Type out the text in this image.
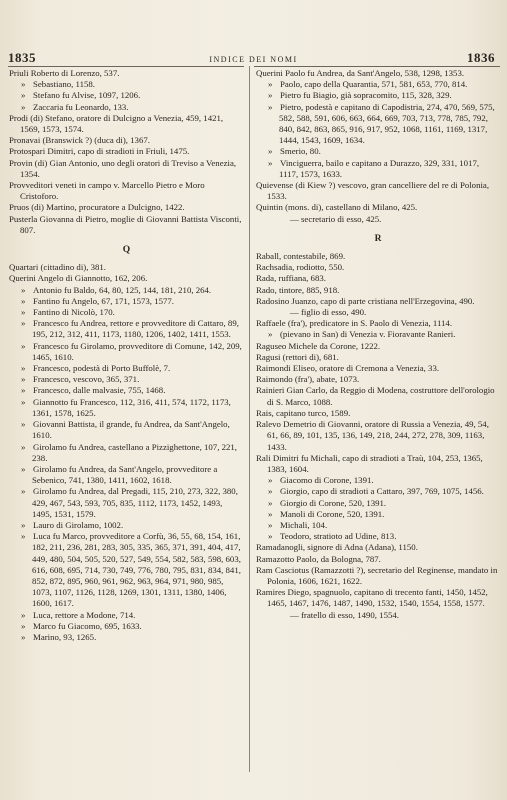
1835	INDICE DEI NOMI	1836
Priuli Roberto di Lorenzo, 537.
» Sebastiano, 1158.
» Stefano fu Alvise, 1097, 1206.
» Zaccaria fu Leonardo, 133.
Prodi (di) Stefano, oratore di Dulcigno a Venezia, 459, 1421, 1569, 1573, 1574.
Pronavai (Branswick ?) (duca di), 1367.
Protospari Dimitri, capo di stradioti in Friuli, 1475.
Provin (di) Gian Antonio, uno degli oratori di Treviso a Venezia, 1354.
Provveditori veneti in campo v. Marcello Pietro e Moro Cristoforo.
Pruos (di) Martino, procuratore a Dulcigno, 1422.
Pusterla Giovanna di Pietro, moglie di Giovanni Battista Visconti, 807.
Q
Quartari (cittadino di), 381.
Querini Angelo di Giannotto, 162, 206.
» Antonio fu Baldo, 64, 80, 125, 144, 181, 210, 264.
» Fantino fu Angelo, 67, 171, 1573, 1577.
» Fantino di Nicolò, 170.
» Francesco fu Andrea, rettore e provveditore di Cattaro, 89, 195, 212, 312, 411, 1173, 1180, 1206, 1402, 1411, 1553.
» Francesco fu Girolamo, provveditore di Comune, 142, 209, 1465, 1610.
» Francesco, podestà di Porto Buffolè, 7.
» Francesco, vescovo, 365, 371.
» Francesco, dalle malvasie, 755, 1468.
» Giannotto fu Francesco, 112, 316, 411, 574, 1172, 1173, 1361, 1578, 1625.
» Giovanni Battista, il grande, fu Andrea, da Sant'Angelo, 1610.
» Girolamo fu Andrea, castellano a Pizzighettone, 107, 221, 238.
» Girolamo fu Andrea, da Sant'Angelo, provveditore a Sebenico, 741, 1380, 1411, 1602, 1618.
» Girolamo fu Andrea, dal Pregadi, 115, 210, 273, 322, 380, 429, 467, 543, 593, 705, 835, 1112, 1173, 1452, 1493, 1495, 1531, 1579.
» Lauro di Girolamo, 1002.
» Luca fu Marco, provveditore a Corfù, 36, 55, 68, 154, 161, 182, 211, 236, 281, 283, 305, 335, 365, 371, 391, 404, 417, 449, 480, 504, 505, 520, 527, 549, 554, 582, 583, 598, 603, 616, 608, 695, 714, 730, 749, 776, 780, 795, 831, 834, 841, 852, 872, 895, 960, 961, 962, 963, 964, 971, 980, 985, 1073, 1107, 1126, 1128, 1269, 1301, 1311, 1380, 1406, 1600, 1617.
» Luca, rettore a Modone, 714.
» Marco fu Giacomo, 695, 1633.
» Marino, 93, 1265.
Querini Paolo fu Andrea, da Sant'Angelo, 538, 1298, 1353.
» Paolo, capo della Quarantia, 571, 581, 653, 770, 814.
» Pietro fu Biagio, già sopracomito, 115, 328, 329.
» Pietro, podestà e capitano di Capodistria, 274, 470, 569, 575, 582, 588, 591, 606, 663, 664, 669, 703, 713, 778, 785, 792, 840, 842, 863, 865, 916, 917, 952, 1068, 1161, 1169, 1317, 1444, 1543, 1609, 1634.
» Smerio, 80.
» Vinciguerra, bailo e capitano a Durazzo, 329, 331, 1017, 1117, 1573, 1633.
Quievense (di Kiew ?) vescovo, gran cancelliere del re di Polonia, 1533.
Quintin (mons. di), castellano di Milano, 425.
— secretario di esso, 425.
R
Raball, contestabile, 869.
Rachsadia, rodiotto, 550.
Rada, ruffiana, 683.
Rado, tintore, 885, 918.
Radosino Juanzo, capo di parte cristiana nell'Erzegovina, 490.
— figlio di esso, 490.
Raffaele (fra'), predicatore in S. Paolo di Venezia, 1114.
» (pievano in San) di Venezia v. Fioravante Ranieri.
Raguseo Michele da Corone, 1222.
Ragusi (rettori di), 681.
Raimondi Eliseo, oratore di Cremona a Venezia, 33.
Raimondo (fra'), abate, 1073.
Rainieri Gian Carlo, da Reggio di Modena, costruttore dell'orologio di S. Marco, 1088.
Rais, capitano turco, 1589.
Ralevo Demetrio di Giovanni, oratore di Russia a Venezia, 49, 54, 61, 66, 89, 101, 135, 136, 149, 218, 244, 272, 278, 309, 1163, 1433.
Rali Dimitri fu Michali, capo di stradioti a Traù, 104, 253, 1365, 1383, 1604.
» Giacomo di Corone, 1391.
» Giorgio, capo di stradioti a Cattaro, 397, 769, 1075, 1456.
» Giorgio di Corone, 520, 1391.
» Manoli di Corone, 520, 1391.
» Michali, 104.
» Teodoro, stratioto ad Udine, 813.
Ramadanogli, signore di Adna (Adana), 1150.
Ramazotto Paolo, da Bologna, 787.
Ram Casciotus (Ramazzotti ?), secretario del Reginense, mandato in Polonia, 1606, 1621, 1622.
Ramires Diego, spagnuolo, capitano di trecento fanti, 1450, 1452, 1465, 1467, 1476, 1487, 1490, 1532, 1540, 1554, 1558, 1577.
— fratello di esso, 1490, 1554.
